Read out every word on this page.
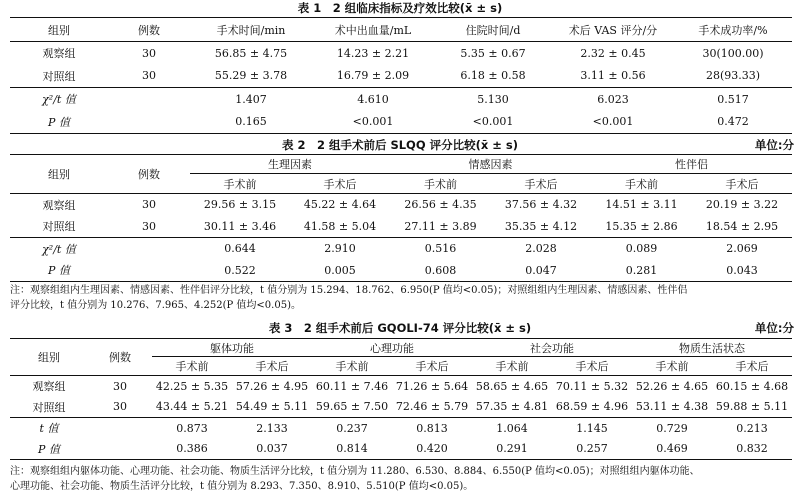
表 1　2 组临床指标及疗效比较(x̄ ± s)
组别	例数	手术时间/min	术中出血量/mL	住院时间/d	术后 VAS 评分/分	手术成功率/%
观察组	30	56.85 ± 4.75	14.23 ± 2.21	5.35 ± 0.67	2.32 ± 0.45	30(100.00)
对照组	30	55.29 ± 3.78	16.79 ± 2.09	6.18 ± 0.58	3.11 ± 0.56	28(93.33)
χ²/t 值		1.407	4.610	5.130	6.023	0.517
P 值		0.165	<0.001	<0.001	<0.001	0.472
表 2　2 组手术前后 SLQQ 评分比较(x̄ ± s)	单位:分
组别	例数	生理因素		情感因素		性伴侣	
		手术前	手术后	手术前	手术后	手术前	手术后
观察组	30	29.56 ± 3.15	45.22 ± 4.64	26.56 ± 4.35	37.56 ± 4.32	14.51 ± 3.11	20.19 ± 3.22
对照组	30	30.11 ± 3.46	41.58 ± 5.04	27.11 ± 3.89	35.35 ± 4.12	15.35 ± 2.86	18.54 ± 2.95
χ²/t 值		0.644	2.910	0.516	2.028	0.089	2.069
P 值		0.522	0.005	0.608	0.047	0.281	0.043
注：观察组组内生理因素、情感因素、性伴侣评分比较，t 值分别为 15.294、18.762、6.950(P 值均<0.05)；对照组组内生理因素、情感因素、性伴侣
评分比较，t 值分别为 10.276、7.965、4.252(P 值均<0.05)。
表 3　2 组手术前后 GQOLI-74 评分比较(x̄ ± s)	单位:分
组别	例数	躯体功能		心理功能		社会功能		物质生活状态	
		手术前	手术后	手术前	手术后	手术前	手术后	手术前	手术后
观察组	30	42.25 ± 5.35	57.26 ± 4.95	60.11 ± 7.46	71.26 ± 5.64	58.65 ± 4.65	70.11 ± 5.32	52.26 ± 4.65	60.15 ± 4.68
对照组	30	43.44 ± 5.21	54.49 ± 5.11	59.65 ± 7.50	72.46 ± 5.79	57.35 ± 4.81	68.59 ± 4.96	53.11 ± 4.38	59.88 ± 5.11
t 值		0.873	2.133	0.237	0.813	1.064	1.145	0.729	0.213
P 值		0.386	0.037	0.814	0.420	0.291	0.257	0.469	0.832
注：观察组组内躯体功能、心理功能、社会功能、物质生活评分比较，t 值分别为 11.280、6.530、8.884、6.550(P 值均<0.05)；对照组组内躯体功能、
心理功能、社会功能、物质生活评分比较，t 值分别为 8.293、7.350、8.910、5.510(P 值均<0.05)。
